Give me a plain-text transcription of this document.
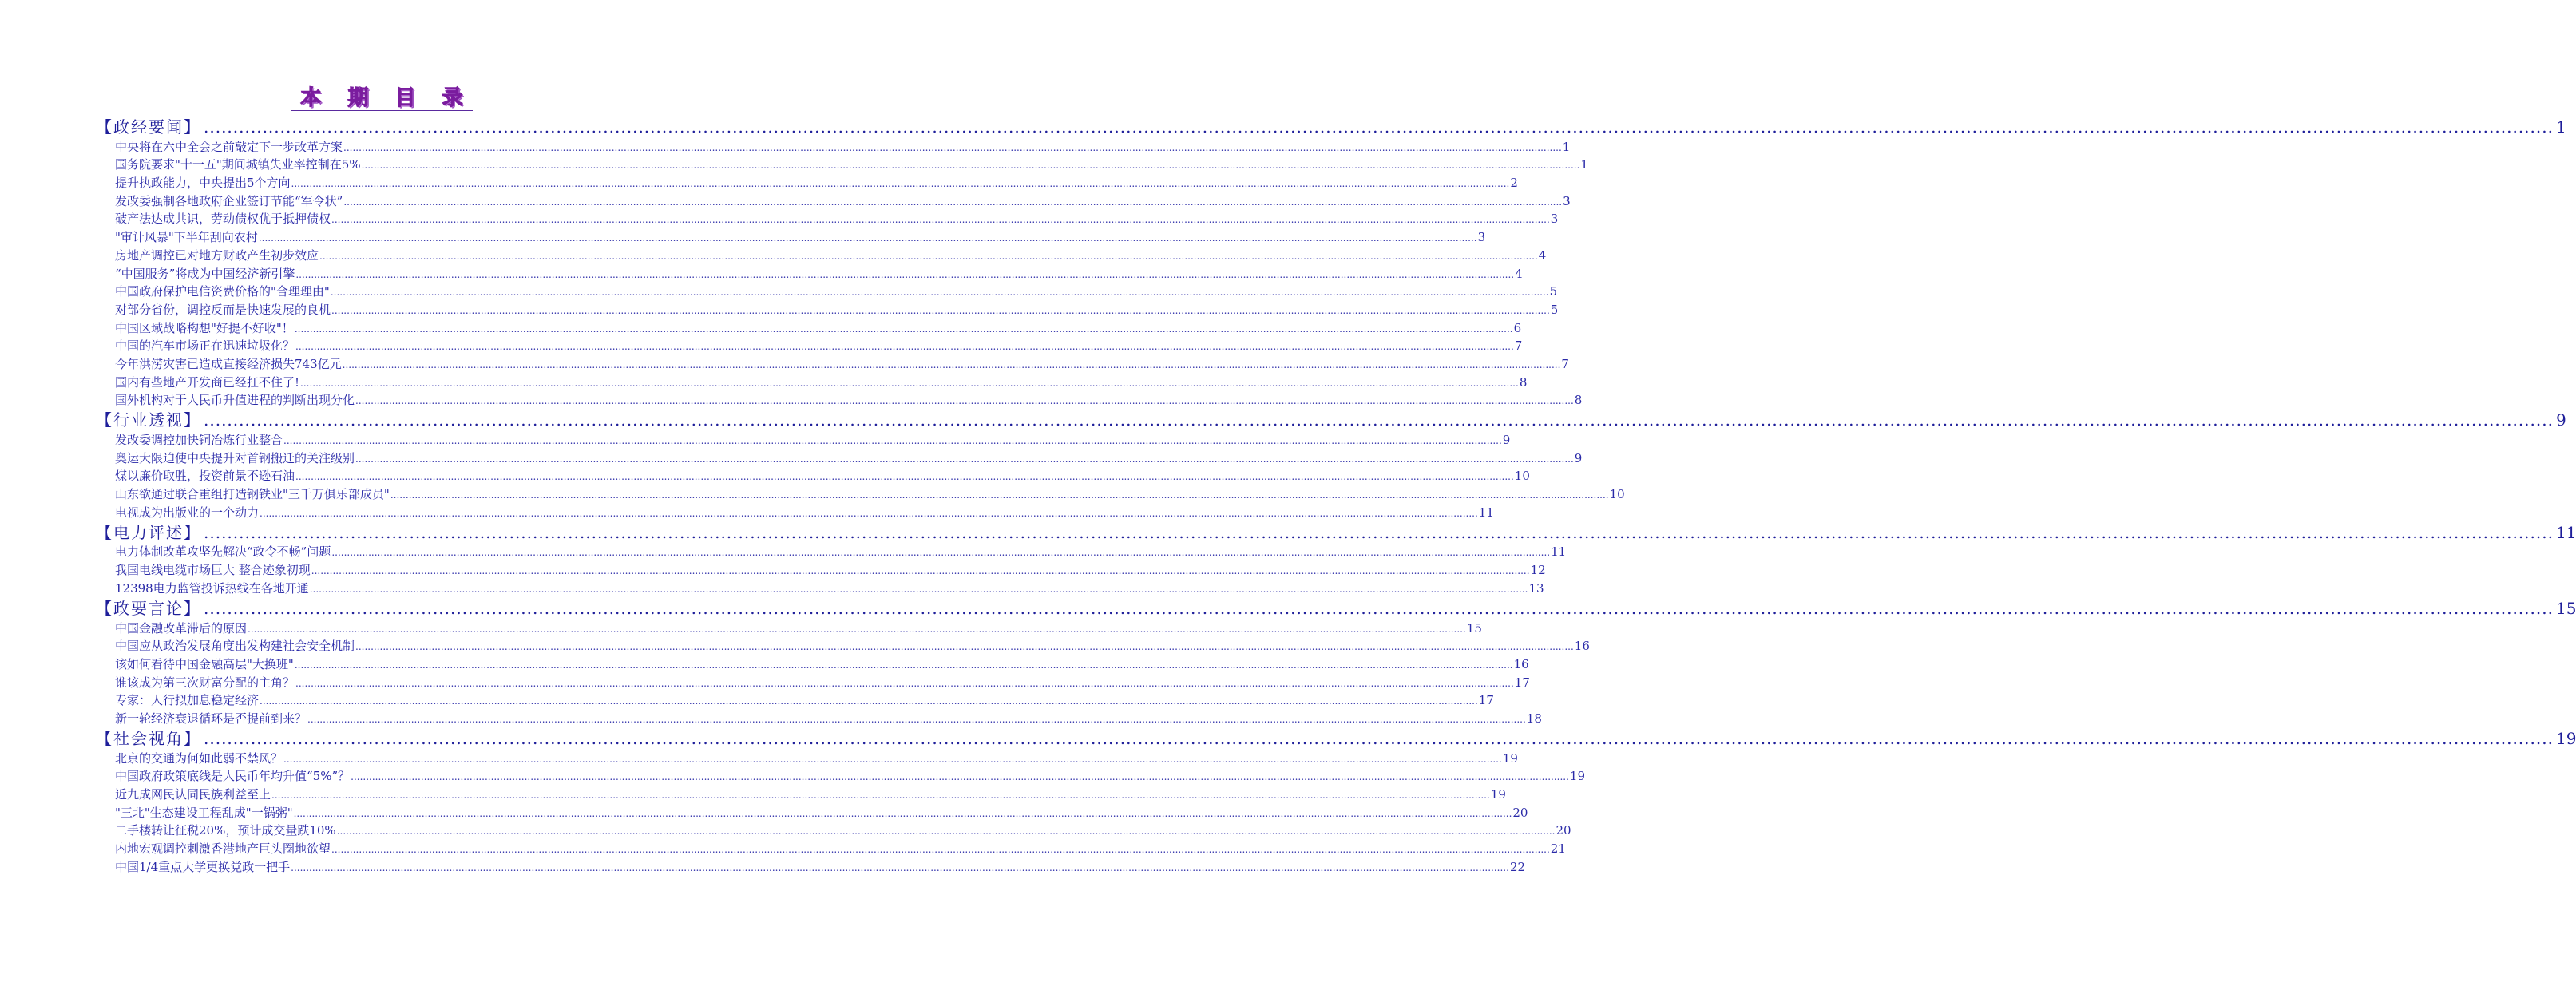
本 期 目 录
【政经要闻】 ................................................................................................................................................................................................................................................................................................................................................................................................................ 1
中央将在六中全会之前敲定下一步改革方案 ................................................................................................................................................................................................................................................................................................................................................................................................................ 1
国务院要求"十一五"期间城镇失业率控制在5% ................................................................................................................................................................................................................................................................................................................................................................................................................ 1
提升执政能力，中央提出5个方向 ................................................................................................................................................................................................................................................................................................................................................................................................................ 2
发改委强制各地政府企业签订节能“军令状” ................................................................................................................................................................................................................................................................................................................................................................................................................ 3
破产法达成共识，劳动债权优于抵押债权 ................................................................................................................................................................................................................................................................................................................................................................................................................ 3
"审计风暴"下半年刮向农村 ................................................................................................................................................................................................................................................................................................................................................................................................................ 3
房地产调控已对地方财政产生初步效应 ................................................................................................................................................................................................................................................................................................................................................................................................................ 4
“中国服务”将成为中国经济新引擎 ................................................................................................................................................................................................................................................................................................................................................................................................................ 4
中国政府保护电信资费价格的"合理理由" ................................................................................................................................................................................................................................................................................................................................................................................................................ 5
对部分省份，调控反而是快速发展的良机 ................................................................................................................................................................................................................................................................................................................................................................................................................ 5
中国区域战略构想"好提不好收"！ ................................................................................................................................................................................................................................................................................................................................................................................................................ 6
中国的汽车市场正在迅速垃圾化？ ................................................................................................................................................................................................................................................................................................................................................................................................................ 7
今年洪涝灾害已造成直接经济损失743亿元 ................................................................................................................................................................................................................................................................................................................................................................................................................ 7
国内有些地产开发商已经扛不住了! ................................................................................................................................................................................................................................................................................................................................................................................................................ 8
国外机构对于人民币升值进程的判断出现分化 ................................................................................................................................................................................................................................................................................................................................................................................................................ 8
【行业透视】 ................................................................................................................................................................................................................................................................................................................................................................................................................ 9
发改委调控加快铜冶炼行业整合 ................................................................................................................................................................................................................................................................................................................................................................................................................ 9
奥运大限迫使中央提升对首钢搬迁的关注级别 ................................................................................................................................................................................................................................................................................................................................................................................................................ 9
煤以廉价取胜，投资前景不逊石油 ................................................................................................................................................................................................................................................................................................................................................................................................................ 10
山东欲通过联合重组打造钢铁业"三千万俱乐部成员" ................................................................................................................................................................................................................................................................................................................................................................................................................ 10
电视成为出版业的一个动力 ................................................................................................................................................................................................................................................................................................................................................................................................................ 11
【电力评述】 ................................................................................................................................................................................................................................................................................................................................................................................................................ 11
电力体制改革攻坚先解决“政令不畅”问题 ................................................................................................................................................................................................................................................................................................................................................................................................................ 11
我国电线电缆市场巨大 整合迹象初现 ................................................................................................................................................................................................................................................................................................................................................................................................................ 12
12398电力监管投诉热线在各地开通 ................................................................................................................................................................................................................................................................................................................................................................................................................ 13
【政要言论】 ................................................................................................................................................................................................................................................................................................................................................................................................................ 15
中国金融改革滞后的原因 ................................................................................................................................................................................................................................................................................................................................................................................................................ 15
中国应从政治发展角度出发构建社会安全机制 ................................................................................................................................................................................................................................................................................................................................................................................................................ 16
该如何看待中国金融高层"大换班" ................................................................................................................................................................................................................................................................................................................................................................................................................ 16
谁该成为第三次财富分配的主角？ ................................................................................................................................................................................................................................................................................................................................................................................................................ 17
专家：人行拟加息稳定经济 ................................................................................................................................................................................................................................................................................................................................................................................................................ 17
新一轮经济衰退循环是否提前到来？ ................................................................................................................................................................................................................................................................................................................................................................................................................ 18
【社会视角】 ................................................................................................................................................................................................................................................................................................................................................................................................................ 19
北京的交通为何如此弱不禁风？ ................................................................................................................................................................................................................................................................................................................................................................................................................ 19
中国政府政策底线是人民币年均升值“5%”？ ................................................................................................................................................................................................................................................................................................................................................................................................................ 19
近九成网民认同民族利益至上 ................................................................................................................................................................................................................................................................................................................................................................................................................ 19
"三北"生态建设工程乱成"一锅粥" ................................................................................................................................................................................................................................................................................................................................................................................................................ 20
二手楼转让征税20%，预计成交量跌10% ................................................................................................................................................................................................................................................................................................................................................................................................................ 20
内地宏观调控刺激香港地产巨头圈地欲望 ................................................................................................................................................................................................................................................................................................................................................................................................................ 21
中国1/4重点大学更换党政一把手 ................................................................................................................................................................................................................................................................................................................................................................................................................ 22
